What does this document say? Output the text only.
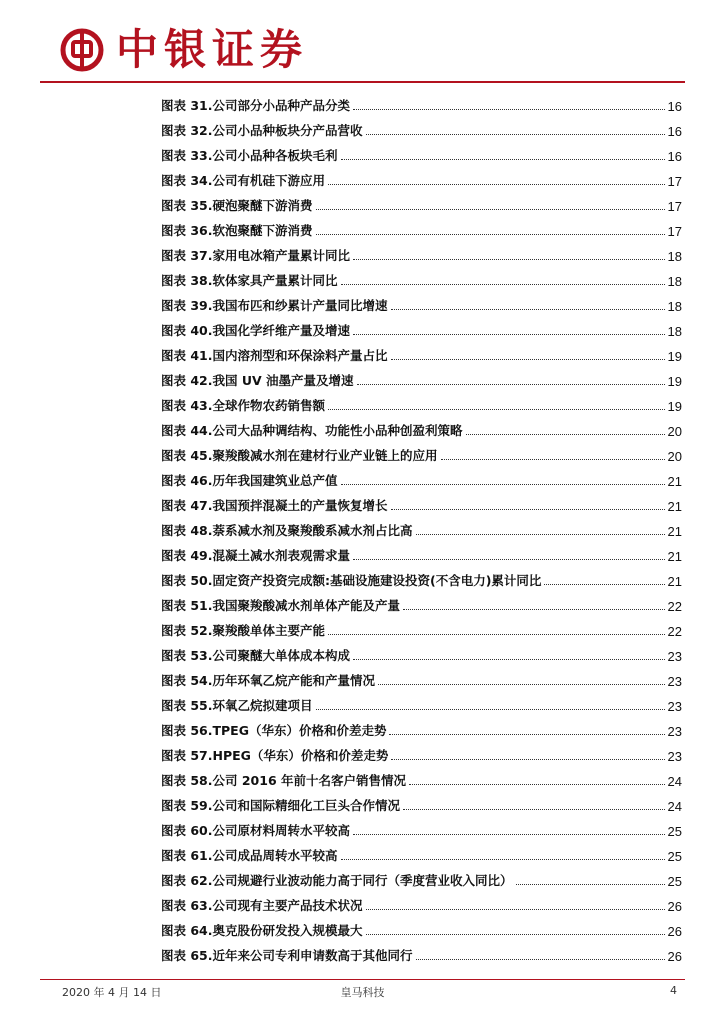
中银证券
图表 31.公司部分小品种产品分类	16
图表 32.公司小品种板块分产品营收	16
图表 33.公司小品种各板块毛利	16
图表 34.公司有机硅下游应用	17
图表 35.硬泡聚醚下游消费	17
图表 36.软泡聚醚下游消费	17
图表 37.家用电冰箱产量累计同比	18
图表 38.软体家具产量累计同比	18
图表 39.我国布匹和纱累计产量同比增速	18
图表 40.我国化学纤维产量及增速	18
图表 41.国内溶剂型和环保涂料产量占比	19
图表 42.我国 UV 油墨产量及增速	19
图表 43.全球作物农药销售额	19
图表 44.公司大品种调结构、功能性小品种创盈利策略	20
图表 45.聚羧酸减水剂在建材行业产业链上的应用	20
图表 46.历年我国建筑业总产值	21
图表 47.我国预拌混凝土的产量恢复增长	21
图表 48.萘系减水剂及聚羧酸系减水剂占比高	21
图表 49.混凝土减水剂表观需求量	21
图表 50.固定资产投资完成额:基础设施建设投资(不含电力)累计同比	21
图表 51.我国聚羧酸减水剂单体产能及产量	22
图表 52.聚羧酸单体主要产能	22
图表 53.公司聚醚大单体成本构成	23
图表 54.历年环氧乙烷产能和产量情况	23
图表 55.环氧乙烷拟建项目	23
图表 56.TPEG（华东）价格和价差走势	23
图表 57.HPEG（华东）价格和价差走势	23
图表 58.公司 2016 年前十名客户销售情况	24
图表 59.公司和国际精细化工巨头合作情况	24
图表 60.公司原材料周转水平较高	25
图表 61.公司成品周转水平较高	25
图表 62.公司规避行业波动能力高于同行（季度营业收入同比）	25
图表 63.公司现有主要产品技术状况	26
图表 64.奥克股份研发投入规模最大	26
图表 65.近年来公司专利申请数高于其他同行	26
2020 年 4 月 14 日	皇马科技	4
